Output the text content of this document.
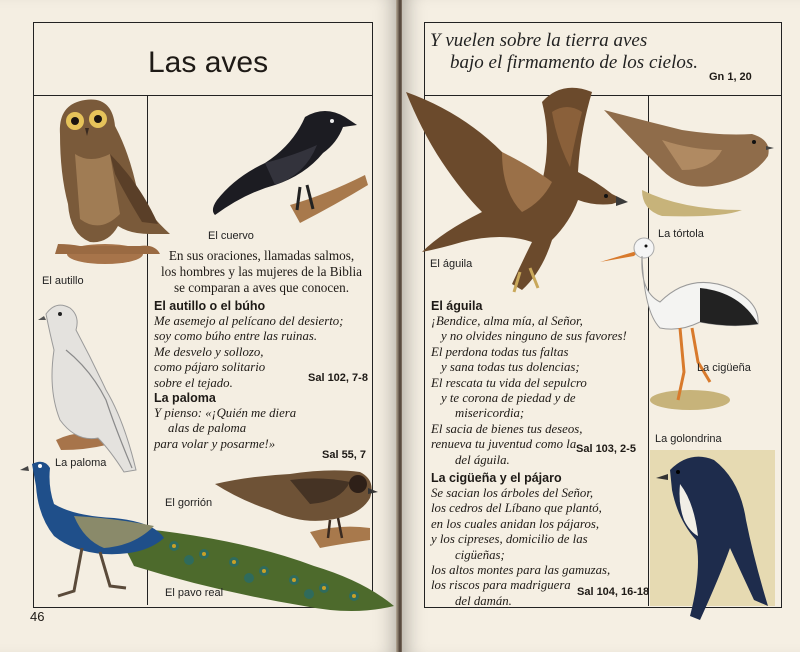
Las aves
El autillo
El cuervo
La paloma
En sus oraciones, llamadas salmos,
los hombres y las mujeres de la Biblia
se comparan a aves que conocen.
El autillo o el búho
Me asemejo al pelícano del desierto;
soy como búho entre las ruinas.
Me desvelo y sollozo,
como pájaro solitario
sobre el tejado.	Sal 102, 7-8
La paloma
Y pienso: «¡Quién me diera
alas de paloma
para volar y posarme!»
Sal 55, 7
El gorrión
El pavo real
46
Y vuelen sobre la tierra aves
bajo el firmamento de los cielos.
Gn 1, 20
El águila
La tórtola
La cigüeña
La golondrina
El águila
¡Bendice, alma mía, al Señor,
y no olvides ninguno de sus favores!
El perdona todas tus faltas
y sana todas tus dolencias;
El rescata tu vida del sepulcro
y te corona de piedad y de
misericordia;
El sacia de bienes tus deseos,
renueva tu juventud como la
del águila.
Sal 103, 2-5
La cigüeña y el pájaro
Se sacian los árboles del Señor,
los cedros del Líbano que plantó,
en los cuales anidan los pájaros,
y los cipreses, domicilio de las
cigüeñas;
los altos montes para las gamuzas,
los riscos para madriguera
del damán.
Sal 104, 16-18
